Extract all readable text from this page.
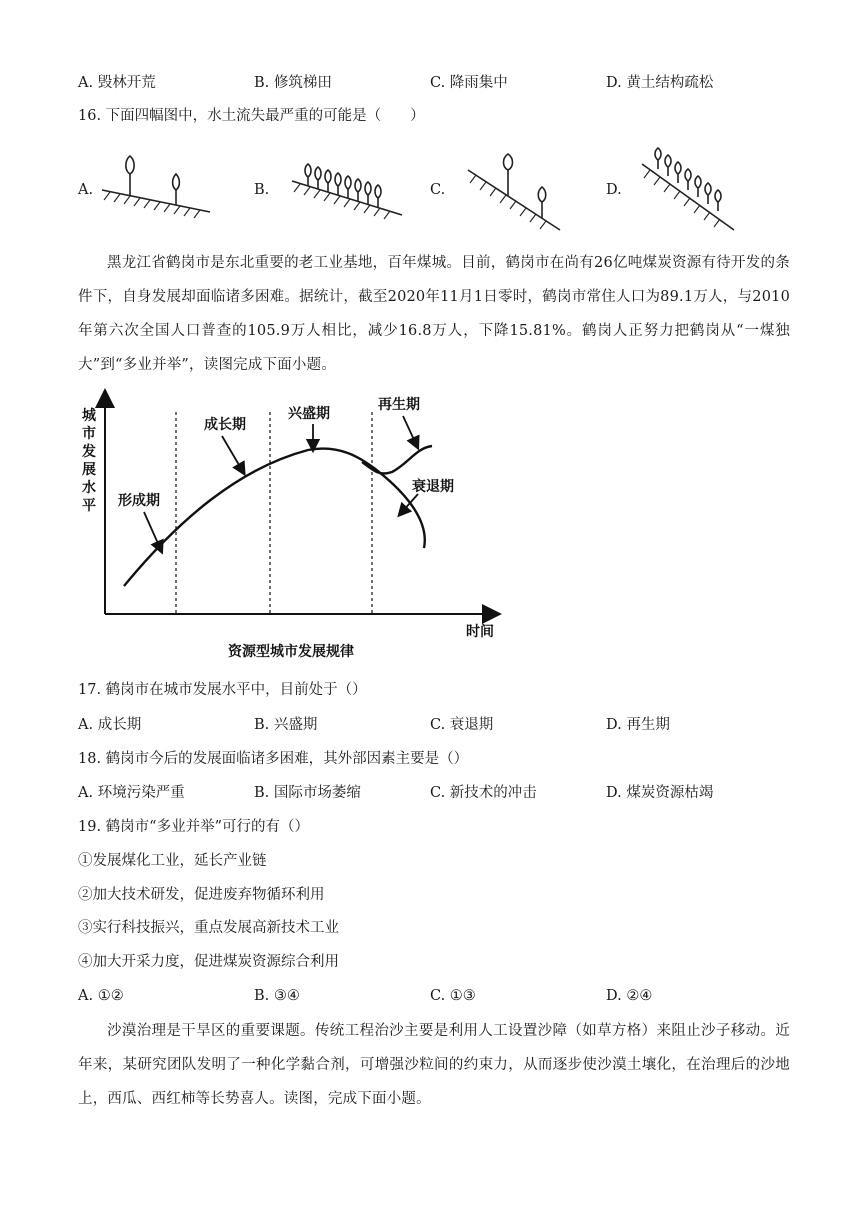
A. 毁林开荒	B. 修筑梯田	C. 降雨集中	D. 黄土结构疏松
16. 下面四幅图中，水土流失最严重的可能是（　　）
A.	B.	C.	D.

黑龙江省鹤岗市是东北重要的老工业基地，百年煤城。目前，鹤岗市在尚有26亿吨煤炭资源有待开发的条件下，自身发展却面临诸多困难。据统计，截至2020年11月1日零时，鹤岗市常住人口为89.1万人，与2010年第六次全国人口普查的105.9万人相比，减少16.8万人，下降15.81%。鹤岗人正努力把鹤岗从“一煤独大”到“多业并举”，读图完成下面小题。

形成期
成长期
兴盛期
再生期
衰退期
时间
资源型城市发展规律
城市发展水平
17. 鹤岗市在城市发展水平中，目前处于（）
A. 成长期	B. 兴盛期	C. 衰退期	D. 再生期
18. 鹤岗市今后的发展面临诸多困难，其外部因素主要是（）
A. 环境污染严重	B. 国际市场萎缩	C. 新技术的冲击	D. 煤炭资源枯竭
19. 鹤岗市“多业并举”可行的有（）
①发展煤化工业，延长产业链
②加大技术研发，促进废弃物循环利用
③实行科技振兴，重点发展高新技术工业
④加大开采力度，促进煤炭资源综合利用
A. ①②	B. ③④	C. ①③	D. ②④

沙漠治理是干旱区的重要课题。传统工程治沙主要是利用人工设置沙障（如草方格）来阻止沙子移动。近年来，某研究团队发明了一种化学黏合剂，可增强沙粒间的约束力，从而逐步使沙漠土壤化，在治理后的沙地上，西瓜、西红柿等长势喜人。读图，完成下面小题。
